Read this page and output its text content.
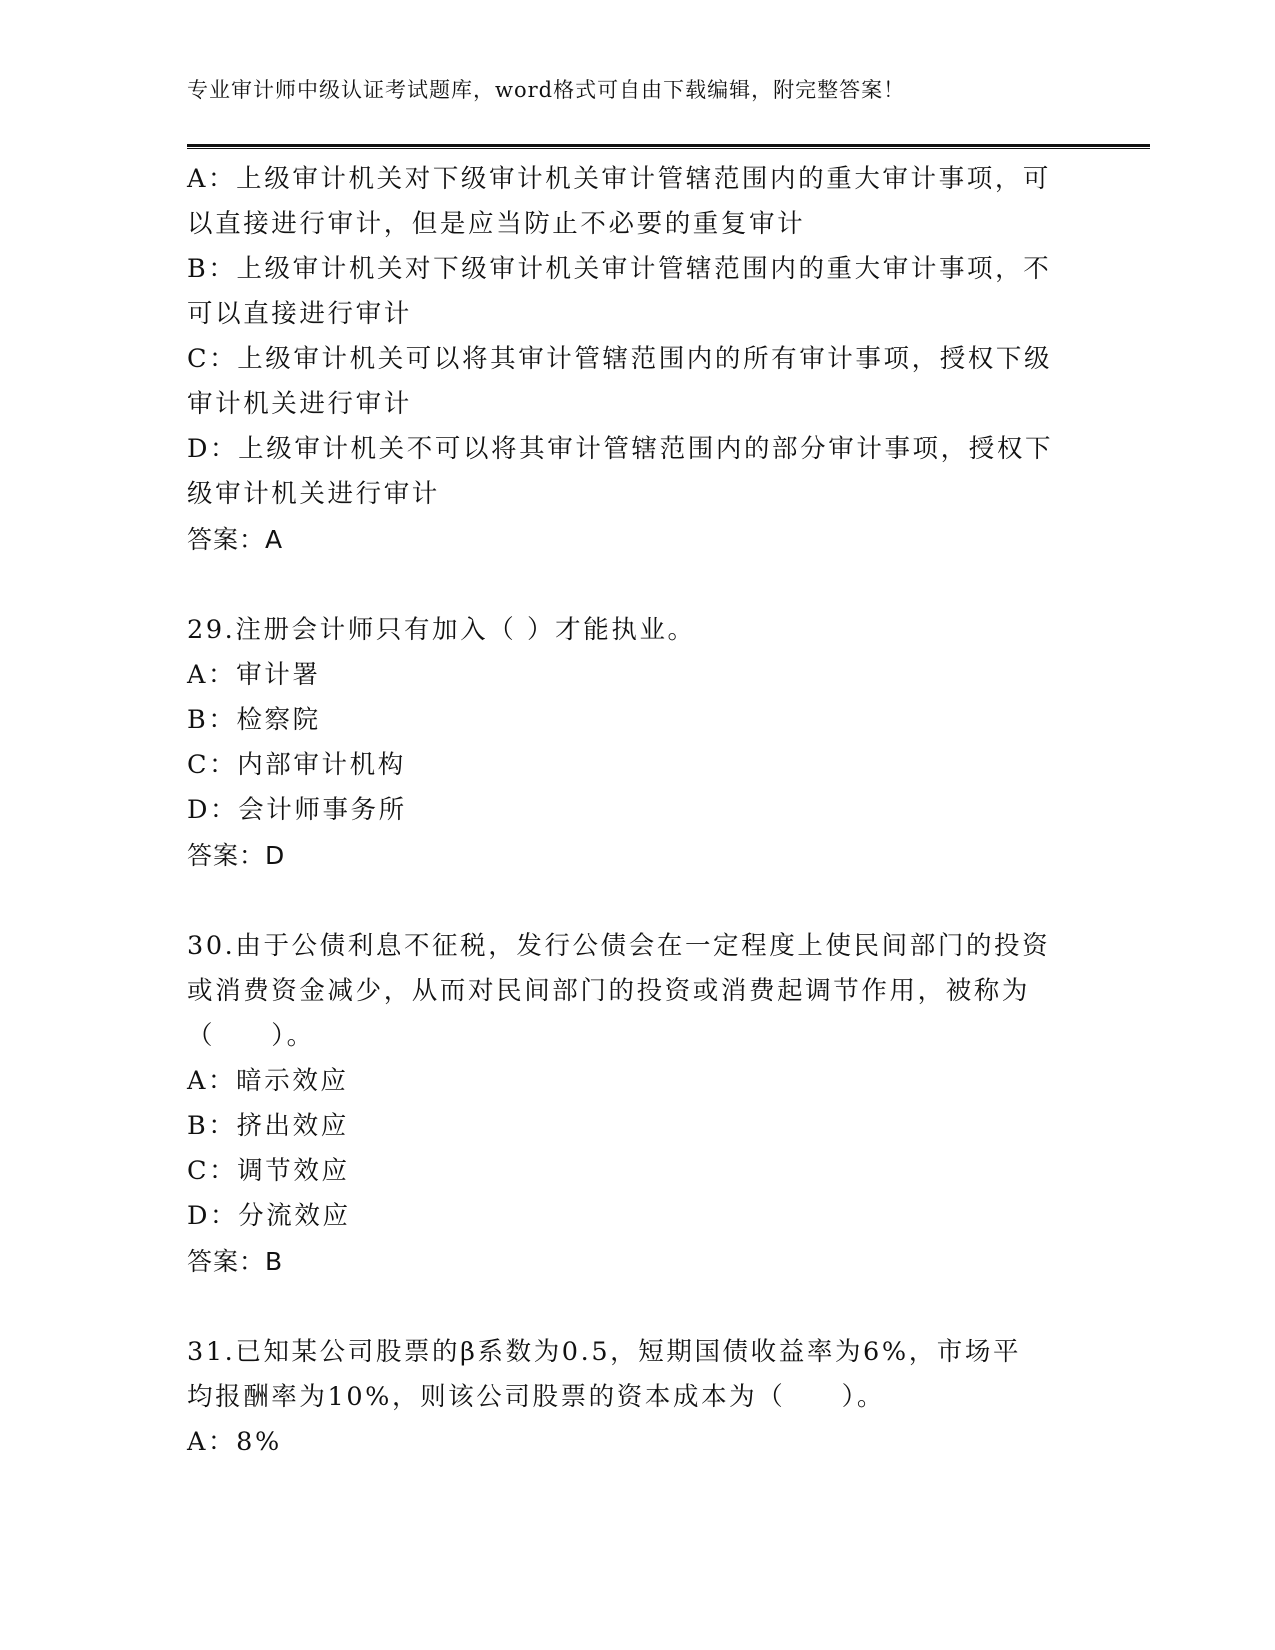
专业审计师中级认证考试题库，word格式可自由下载编辑，附完整答案！
A：上级审计机关对下级审计机关审计管辖范围内的重大审计事项，可
以直接进行审计，但是应当防止不必要的重复审计
B：上级审计机关对下级审计机关审计管辖范围内的重大审计事项，不
可以直接进行审计
C：上级审计机关可以将其审计管辖范围内的所有审计事项，授权下级
审计机关进行审计
D：上级审计机关不可以将其审计管辖范围内的部分审计事项，授权下
级审计机关进行审计
答案：A
29.注册会计师只有加入（ ）才能执业。
A：审计署
B：检察院
C：内部审计机构
D：会计师事务所
答案：D
30.由于公债利息不征税，发行公债会在一定程度上使民间部门的投资
或消费资金减少，从而对民间部门的投资或消费起调节作用，被称为
（　　）。
A：暗示效应
B：挤出效应
C：调节效应
D：分流效应
答案：B
31.已知某公司股票的β系数为0.5，短期国债收益率为6%，市场平
均报酬率为10%，则该公司股票的资本成本为（　　）。
A：8%
